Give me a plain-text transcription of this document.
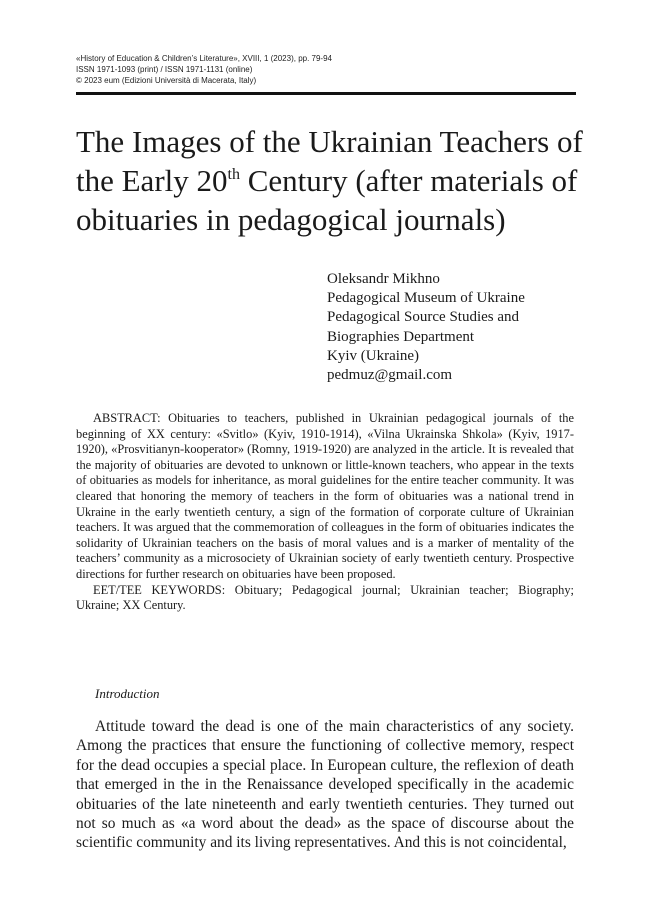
«History of Education & Children’s Literature», XVIII, 1 (2023), pp. 79-94
ISSN 1971-1093 (print) / ISSN 1971-1131 (online)
© 2023 eum (Edizioni Università di Macerata, Italy)
The Images of the Ukrainian Teachers of the Early 20th Century (after materials of obituaries in pedagogical journals)
Oleksandr Mikhno
Pedagogical Museum of Ukraine
Pedagogical Source Studies and
Biographies Department
Kyiv (Ukraine)
pedmuz@gmail.com

ABSTRACT: Obituaries to teachers, published in Ukrainian pedagogical journals of the beginning of XX century: «Svitlo» (Kyiv, 1910-1914), «Vilna Ukrainska Shkola» (Kyiv, 1917-1920), «Prosvitianyn-kooperator» (Romny, 1919-1920) are analyzed in the article. It is revealed that the majority of obituaries are devoted to unknown or little-known teachers, who appear in the texts of obituaries as models for inheritance, as moral guidelines for the entire teacher community. It was cleared that honoring the memory of teachers in the form of obituaries was a national trend in Ukraine in the early twentieth century, a sign of the formation of corporate culture of Ukrainian teachers. It was argued that the commemoration of colleagues in the form of obituaries indicates the solidarity of Ukrainian teachers on the basis of moral values and is a marker of mentality of the teachers’ community as a microsociety of Ukrainian society of early twentieth century. Prospective directions for further research on obituaries have been proposed.

EET/TEE KEYWORDS: Obituary; Pedagogical journal; Ukrainian teacher; Biography; Ukraine; XX Century.

Introduction

Attitude toward the dead is one of the main characteristics of any society. Among the practices that ensure the functioning of collective memory, respect for the dead occupies a special place. In European culture, the reflexion of death that emerged in the in the Renaissance developed specifically in the academic obituaries of the late nineteenth and early twentieth centuries. They turned out not so much as «a word about the dead» as the space of discourse about the scientific community and its living representatives. And this is not coincidental,
